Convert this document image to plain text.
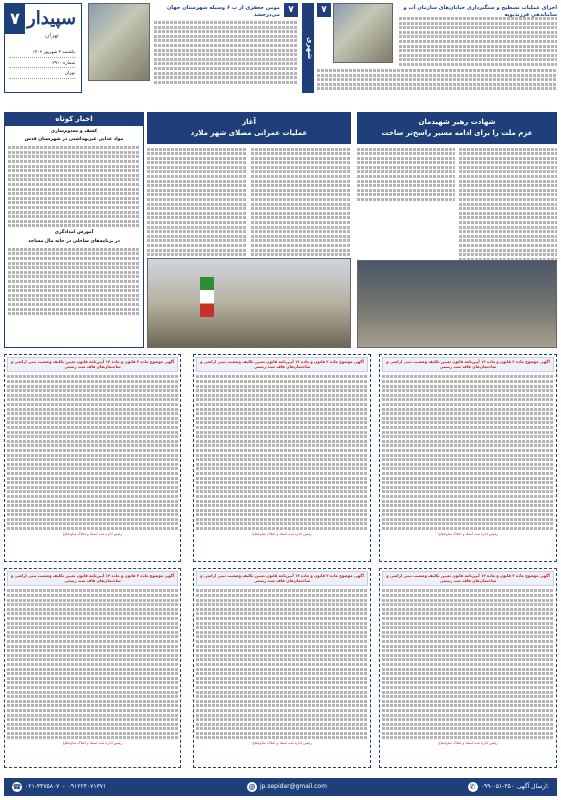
۷ سپیدار
تهران
یکشنبه ۴ شهریور ۱۴۰۳
شماره ۲۹۱۰
تهران
۷
مومن جعفری از پ ۶ وسیله شهرستان جهان می‌درخشد
شهری
۷	اجرای عملیات تسطیح و سنگبرداری خیابان‌های سازمان آب و ساماندهی فرزندپویه
شهادت رهبر شهیدمان
عزم ملت را برای ادامه مسیر راسخ‌تر ساخت
آغاز
عملیات عمرانی مصلای شهر ملارد
اخبار کوتاه
کشف و معدوم‌سازی
مواد غذایی غیربهداشتی در شهرستان قدس
آموزش امدادگری
در برنامه‌های ساحلی در خانه مال مساجد
آگهی موضوع ماده ۳ قانون و ماده ۱۳ آیین‌نامه قانون تعیین تکلیف وضعیت ثبتی اراضی و ساختمان‌های فاقد سند رسمی
رئیس اداره ثبت اسناد و املاک ساوجبلاغ
آگهی موضوع ماده ۳ قانون و ماده ۱۳ آیین‌نامه قانون تعیین تکلیف وضعیت ثبتی اراضی و ساختمان‌های فاقد سند رسمی
رئیس اداره ثبت اسناد و املاک ساوجبلاغ
آگهی موضوع ماده ۳ قانون و ماده ۱۳ آیین‌نامه قانون تعیین تکلیف وضعیت ثبتی اراضی و ساختمان‌های فاقد سند رسمی
رئیس اداره ثبت اسناد و املاک ساوجبلاغ
آگهی موضوع ماده ۳ قانون و ماده ۱۳ آیین‌نامه قانون تعیین تکلیف وضعیت ثبتی اراضی و ساختمان‌های فاقد سند رسمی
رئیس اداره ثبت اسناد و املاک ساوجبلاغ
آگهی موضوع ماده ۳ قانون و ماده ۱۳ آیین‌نامه قانون تعیین تکلیف وضعیت ثبتی اراضی و ساختمان‌های فاقد سند رسمی
رئیس اداره ثبت اسناد و املاک ساوجبلاغ
آگهی موضوع ماده ۳ قانون و ماده ۱۳ آیین‌نامه قانون تعیین تکلیف وضعیت ثبتی اراضی و ساختمان‌های فاقد سند رسمی
رئیس اداره ثبت اسناد و املاک ساوجبلاغ
☎ ۰۲۱-۴۴۷۵۸۰۷ - ۰۹۱۲۲۴۰۷۱۳۷۱	@ jp.sepidar@gmail.com	✆ ۰۹۹-۰۵۱-۳۵۰ ارسال آگهی:
